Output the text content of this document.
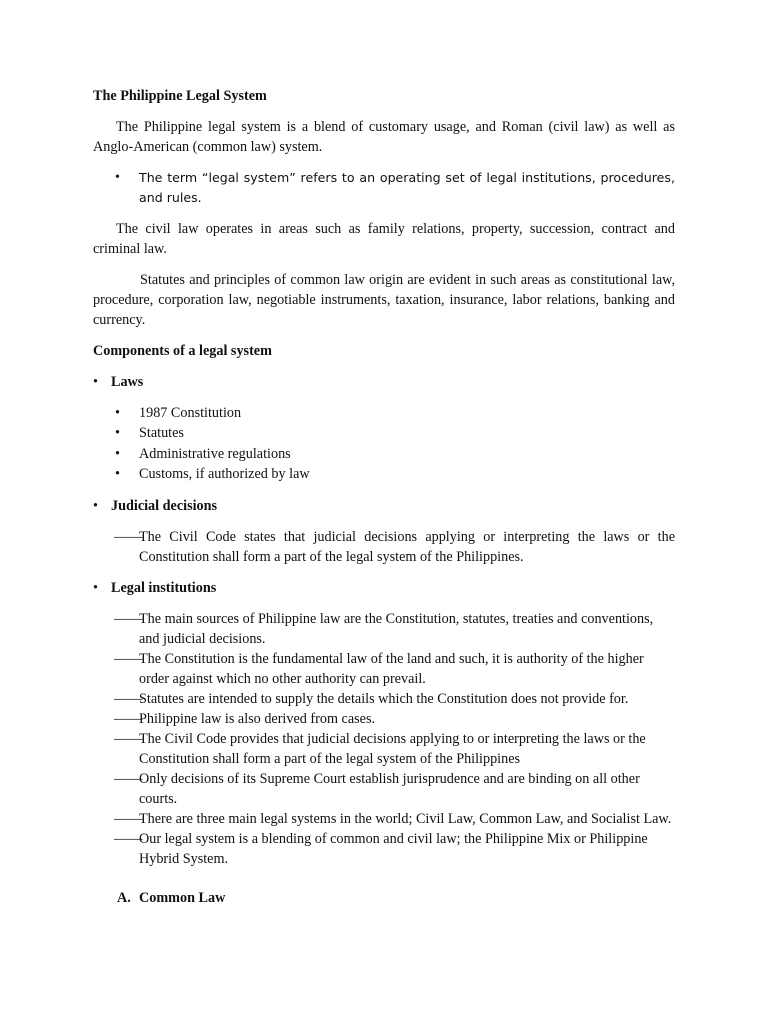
The Philippine Legal System

The Philippine legal system is a blend of customary usage, and Roman (civil law) as well as Anglo-American (common law) system.

• The term “legal system” refers to an operating set of legal institutions, procedures, and rules.

The civil law operates in areas such as family relations, property, succession, contract and criminal law.

Statutes and principles of common law origin are evident in such areas as constitutional law, procedure, corporation law, negotiable instruments, taxation, insurance, labor relations, banking and currency.

Components of a legal system

• Laws

• 1987 Constitution
• Statutes
• Administrative regulations
• Customs, if authorized by law

• Judicial decisions

——
The Civil Code states that judicial decisions applying or interpreting the laws or the Constitution shall form a part of the legal system of the Philippines.

• Legal institutions

——
The main sources of Philippine law are the Constitution, statutes, treaties and conventions, and judicial decisions.
——
The Constitution is the fundamental law of the land and such, it is authority of the higher order against which no other authority can prevail.
——
Statutes are intended to supply the details which the Constitution does not provide for.
——
Philippine law is also derived from cases.
——
The Civil Code provides that judicial decisions applying to or interpreting the laws or the Constitution shall form a part of the legal system of the Philippines
——
Only decisions of its Supreme Court establish jurisprudence and are binding on all other courts.
——
There are three main legal systems in the world; Civil Law, Common Law, and Socialist Law.
——
Our legal system is a blending of common and civil law; the Philippine Mix or Philippine Hybrid System.

A. Common Law
